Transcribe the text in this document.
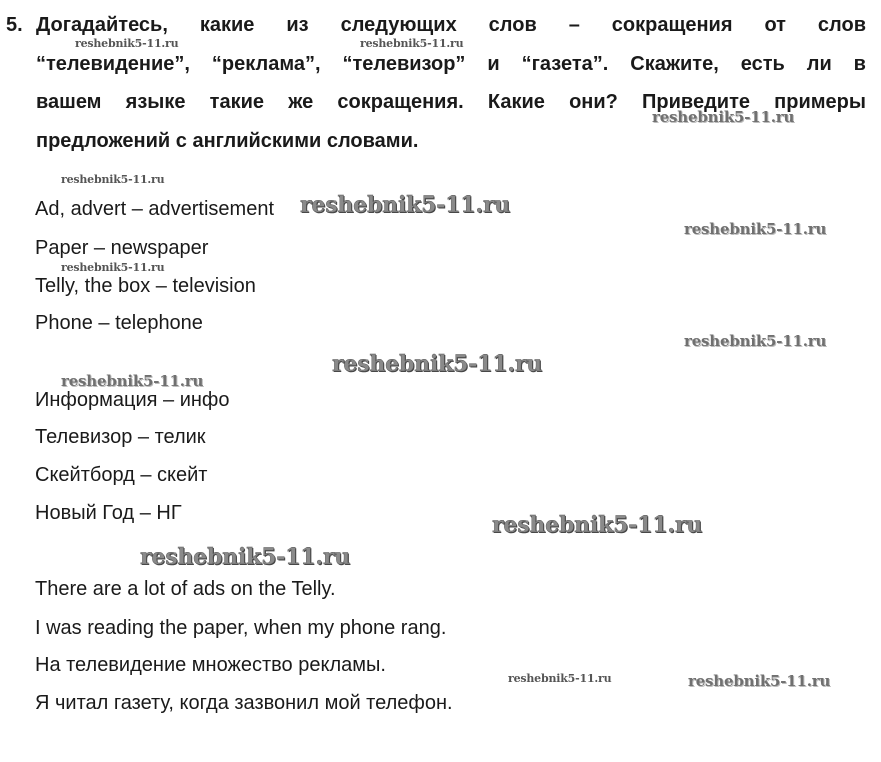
5. Догадайтесь, какие из следующих слов – сокращения от слов
“телевидение”, “реклама”, “телевизор” и “газета”. Скажите, есть ли в
вашем языке такие же сокращения. Какие они? Приведите примеры
предложений с английскими словами.
Ad, advert – advertisement
Paper – newspaper
Telly, the box – television
Phone – telephone
Информация – инфо
Телевизор – телик
Скейтборд – скейт
Новый Год – НГ
There are a lot of ads on the Telly.
I was reading the paper, when my phone rang.
На телевидение множество рекламы.
Я читал газету, когда зазвонил мой телефон.
reshebnik5-11.ru	reshebnik5-11.ru
reshebnik5-11.ru
reshebnik5-11.ru
reshebnik5-11.ru
reshebnik5-11.ru
reshebnik5-11.ru
reshebnik5-11.ru
reshebnik5-11.ru
reshebnik5-11.ru
reshebnik5-11.ru
reshebnik5-11.ru
reshebnik5-11.ru	reshebnik5-11.ru
